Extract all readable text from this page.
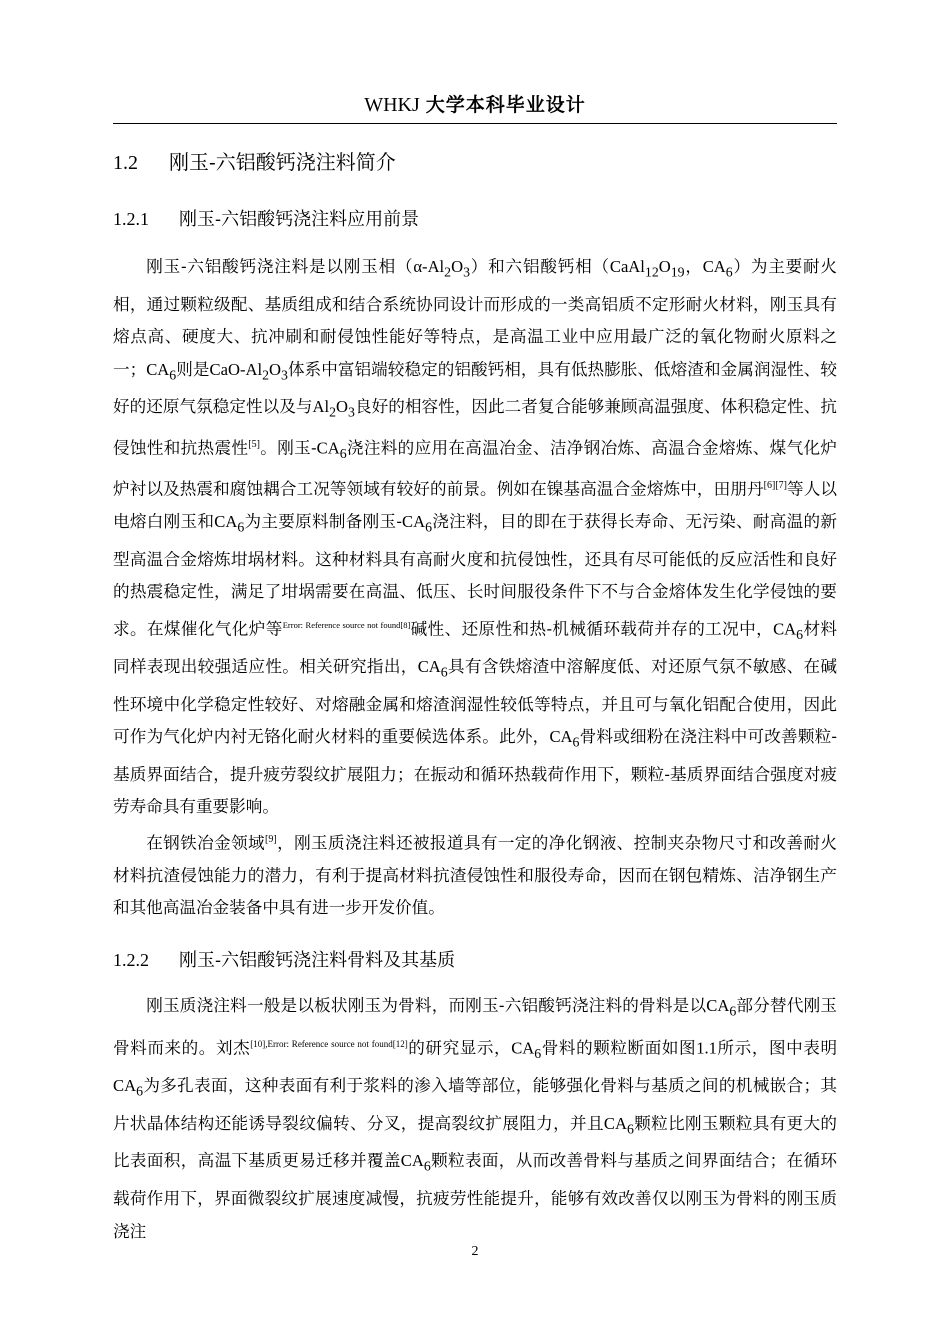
WHKJ 大学本科毕业设计
1.2 刚玉-六铝酸钙浇注料简介
1.2.1 刚玉-六铝酸钙浇注料应用前景

刚玉-六铝酸钙浇注料是以刚玉相$(\alpha-Al_2O_3)$和六铝酸钙相（$CaAl_{12}O_{19}$，$CA_6$）为主要耐火相，通过颗粒级配、基质组成和结合系统协同设计而形成的一类高铝质不定形耐火材料，刚玉具有熔点高、硬度大、抗冲刷和耐侵蚀性能好等特点，是高温工业中应用最广泛的氧化物耐火原料之一；$CA_6$则是CaO-$Al_2O_3$体系中富铝端较稳定的铝酸钙相，具有低热膨胀、低熔渣和金属润湿性、较好的还原气氛稳定性以及与$Al_2O_3$良好的相容性，因此二者复合能够兼顾高温强度、体积稳定性、抗侵蚀性和抗热震性[5]。刚玉$-CA_6$浇注料的应用在高温冶金、洁净钢冶炼、高温合金熔炼、煤气化炉炉衬以及热震和腐蚀耦合工况等领域有较好的前景。例如在镍基高温合金熔炼中，田朋丹[6][7]等人以电熔白刚玉和$CA_6$为主要原料制备刚玉$-CA_6$浇注料，目的即在于获得长寿命、无污染、耐高温的新型高温合金熔炼坩埚材料。这种材料具有高耐火度和抗侵蚀性，还具有尽可能低的反应活性和良好的热震稳定性，满足了坩埚需要在高温、低压、长时间服役条件下不与合金熔体发生化学侵蚀的要求。在煤催化气化炉等$^{Error: Reference source not found[8]}$碱性、还原性和热-机械循环载荷并存的工况中，$CA_6$材料同样表现出较强适应性。相关研究指出，$CA_6$具有含铁熔渣中溶解度低、对还原气氛不敏感、在碱性环境中化学稳定性较好、对熔融金属和熔渣润湿性较低等特点，并且可与氧化铝配合使用，因此可作为气化炉内衬无铬化耐火材料的重要候选体系。此外，$CA_6$骨料或细粉在浇注料中可改善颗粒-基质界面结合，提升疲劳裂纹扩展阻力；在振动和循环热载荷作用下，颗粒-基质界面结合强度对疲劳寿命具有重要影响。

在钢铁冶金领域[9]，刚玉质浇注料还被报道具有一定的净化钢液、控制夹杂物尺寸和改善耐火材料抗渣侵蚀能力的潜力，有利于提高材料抗渣侵蚀性和服役寿命，因而在钢包精炼、洁净钢生产和其他高温冶金装备中具有进一步开发价值。

1.2.2 刚玉-六铝酸钙浇注料骨料及其基质

刚玉质浇注料一般是以板状刚玉为骨料，而刚玉-六铝酸钙浇注料的骨料是以$CA_6$部分替代刚玉骨料而来的。刘杰[10],Error: Reference source not found[12]的研究显示，$CA_6$骨料的颗粒断面如图1.1所示，图中表明$CA_6$为多孔表面，这种表面有利于浆料的渗入墙等部位，能够强化骨料与基质之间的机械嵌合；其片状晶体结构还能诱导裂纹偏转、分叉，提高裂纹扩展阻力，并且$CA_6$颗粒比刚玉颗粒具有更大的比表面积，高温下基质更易迁移并覆盖$CA_6$颗粒表面，从而改善骨料与基质之间界面结合；在循环载荷作用下，界面微裂纹扩展速度减慢，抗疲劳性能提升，能够有效改善仅以刚玉为骨料的刚玉质浇注

2
